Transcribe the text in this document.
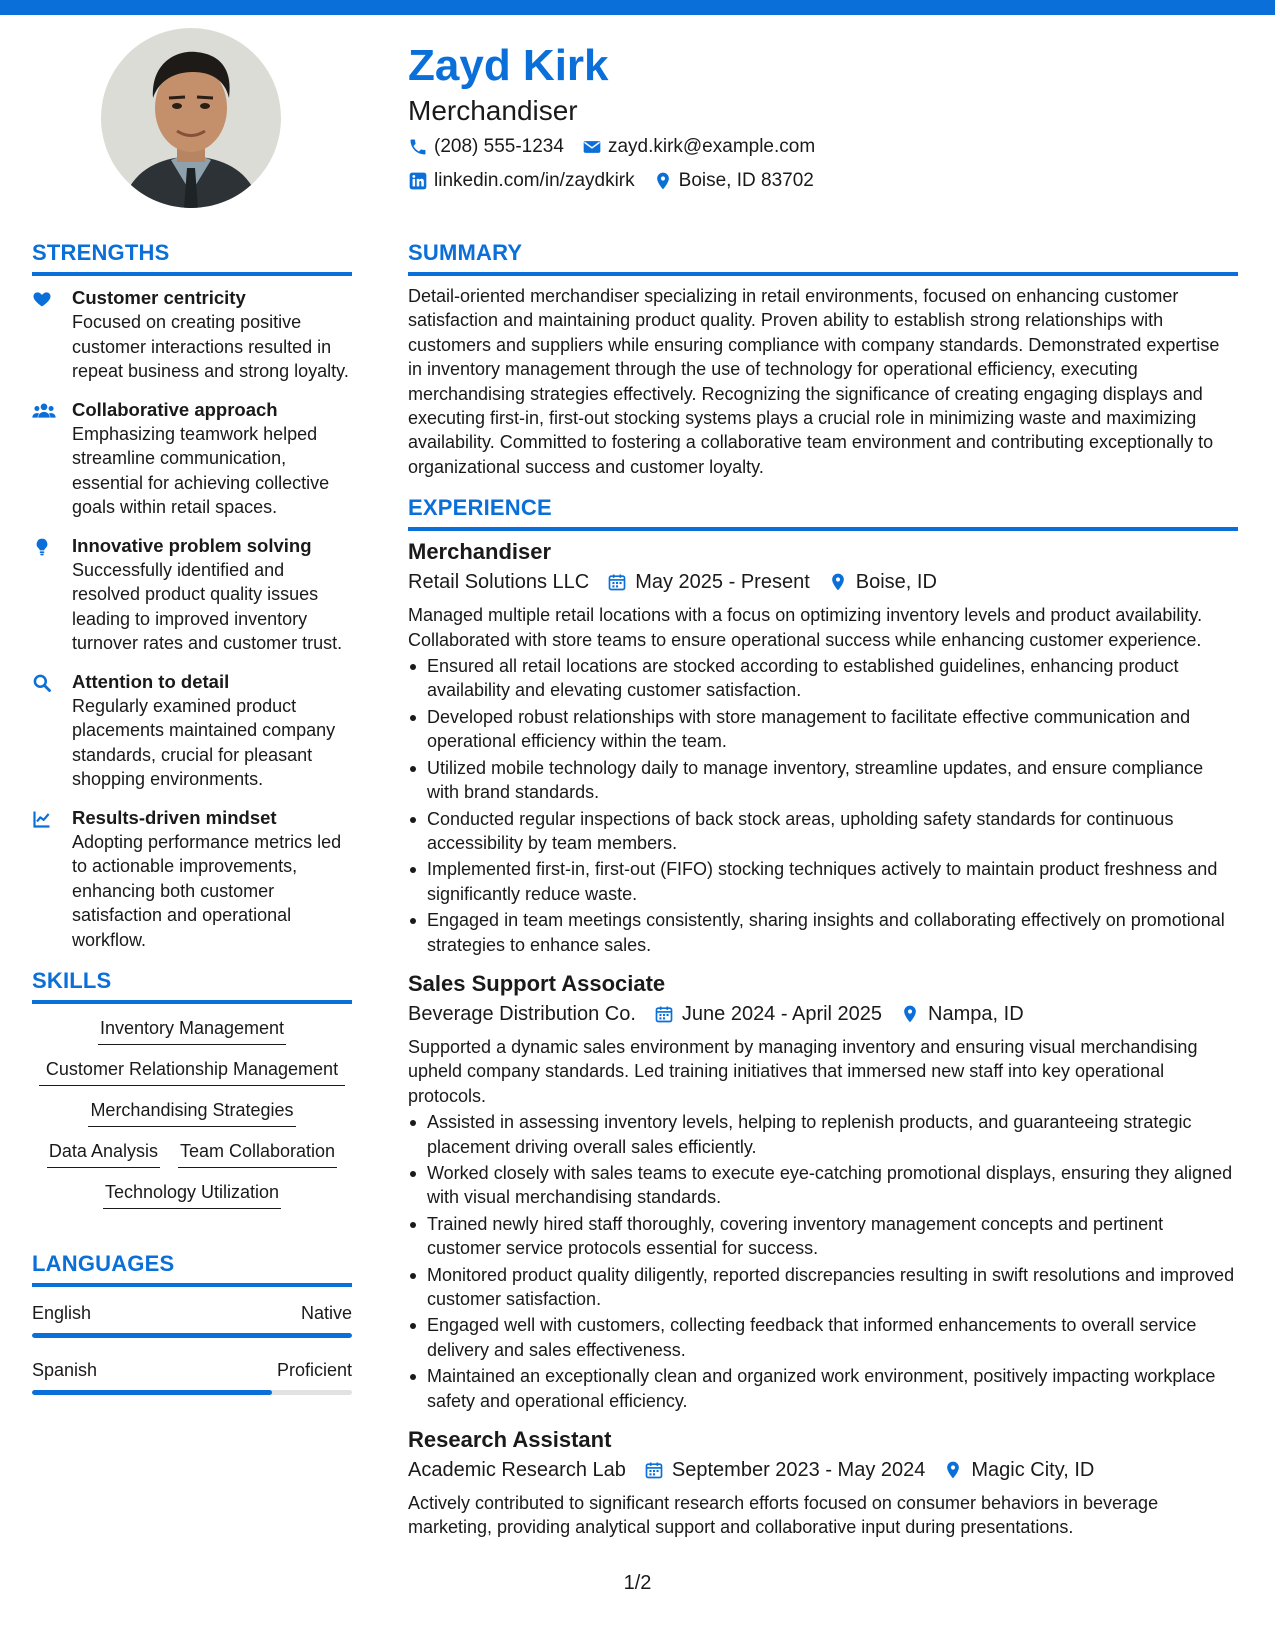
Zayd Kirk
Merchandiser
(208) 555-1234 zayd.kirk@example.com
linkedin.com/in/zaydkirk Boise, ID 83702
STRENGTHS
Customer centricity
Focused on creating positive customer interactions resulted in repeat business and strong loyalty.
Collaborative approach
Emphasizing teamwork helped streamline communication, essential for achieving collective goals within retail spaces.
Innovative problem solving
Successfully identified and resolved product quality issues leading to improved inventory turnover rates and customer trust.
Attention to detail
Regularly examined product placements maintained company standards, crucial for pleasant shopping environments.
Results-driven mindset
Adopting performance metrics led to actionable improvements, enhancing both customer satisfaction and operational workflow.
SKILLS
Inventory Management
Customer Relationship Management
Merchandising Strategies
Data Analysis Team Collaboration
Technology Utilization
LANGUAGES
English	Native
Spanish	Proficient
SUMMARY
Detail-oriented merchandiser specializing in retail environments, focused on enhancing customer satisfaction and maintaining product quality. Proven ability to establish strong relationships with customers and suppliers while ensuring compliance with company standards. Demonstrated expertise in inventory management through the use of technology for operational efficiency, executing merchandising strategies effectively. Recognizing the significance of creating engaging displays and executing first-in, first-out stocking systems plays a crucial role in minimizing waste and maximizing availability. Committed to fostering a collaborative team environment and contributing exceptionally to organizational success and customer loyalty.
EXPERIENCE
Merchandiser
Retail Solutions LLC May 2025 - Present Boise, ID
Managed multiple retail locations with a focus on optimizing inventory levels and product availability. Collaborated with store teams to ensure operational success while enhancing customer experience.
Ensured all retail locations are stocked according to established guidelines, enhancing product availability and elevating customer satisfaction.
Developed robust relationships with store management to facilitate effective communication and operational efficiency within the team.
Utilized mobile technology daily to manage inventory, streamline updates, and ensure compliance with brand standards.
Conducted regular inspections of back stock areas, upholding safety standards for continuous accessibility by team members.
Implemented first-in, first-out (FIFO) stocking techniques actively to maintain product freshness and significantly reduce waste.
Engaged in team meetings consistently, sharing insights and collaborating effectively on promotional strategies to enhance sales.
Sales Support Associate
Beverage Distribution Co. June 2024 - April 2025 Nampa, ID
Supported a dynamic sales environment by managing inventory and ensuring visual merchandising upheld company standards. Led training initiatives that immersed new staff into key operational protocols.
Assisted in assessing inventory levels, helping to replenish products, and guaranteeing strategic placement driving overall sales efficiently.
Worked closely with sales teams to execute eye-catching promotional displays, ensuring they aligned with visual merchandising standards.
Trained newly hired staff thoroughly, covering inventory management concepts and pertinent customer service protocols essential for success.
Monitored product quality diligently, reported discrepancies resulting in swift resolutions and improved customer satisfaction.
Engaged well with customers, collecting feedback that informed enhancements to overall service delivery and sales effectiveness.
Maintained an exceptionally clean and organized work environment, positively impacting workplace safety and operational efficiency.
Research Assistant
Academic Research Lab September 2023 - May 2024 Magic City, ID
Actively contributed to significant research efforts focused on consumer behaviors in beverage marketing, providing analytical support and collaborative input during presentations.
1/2
